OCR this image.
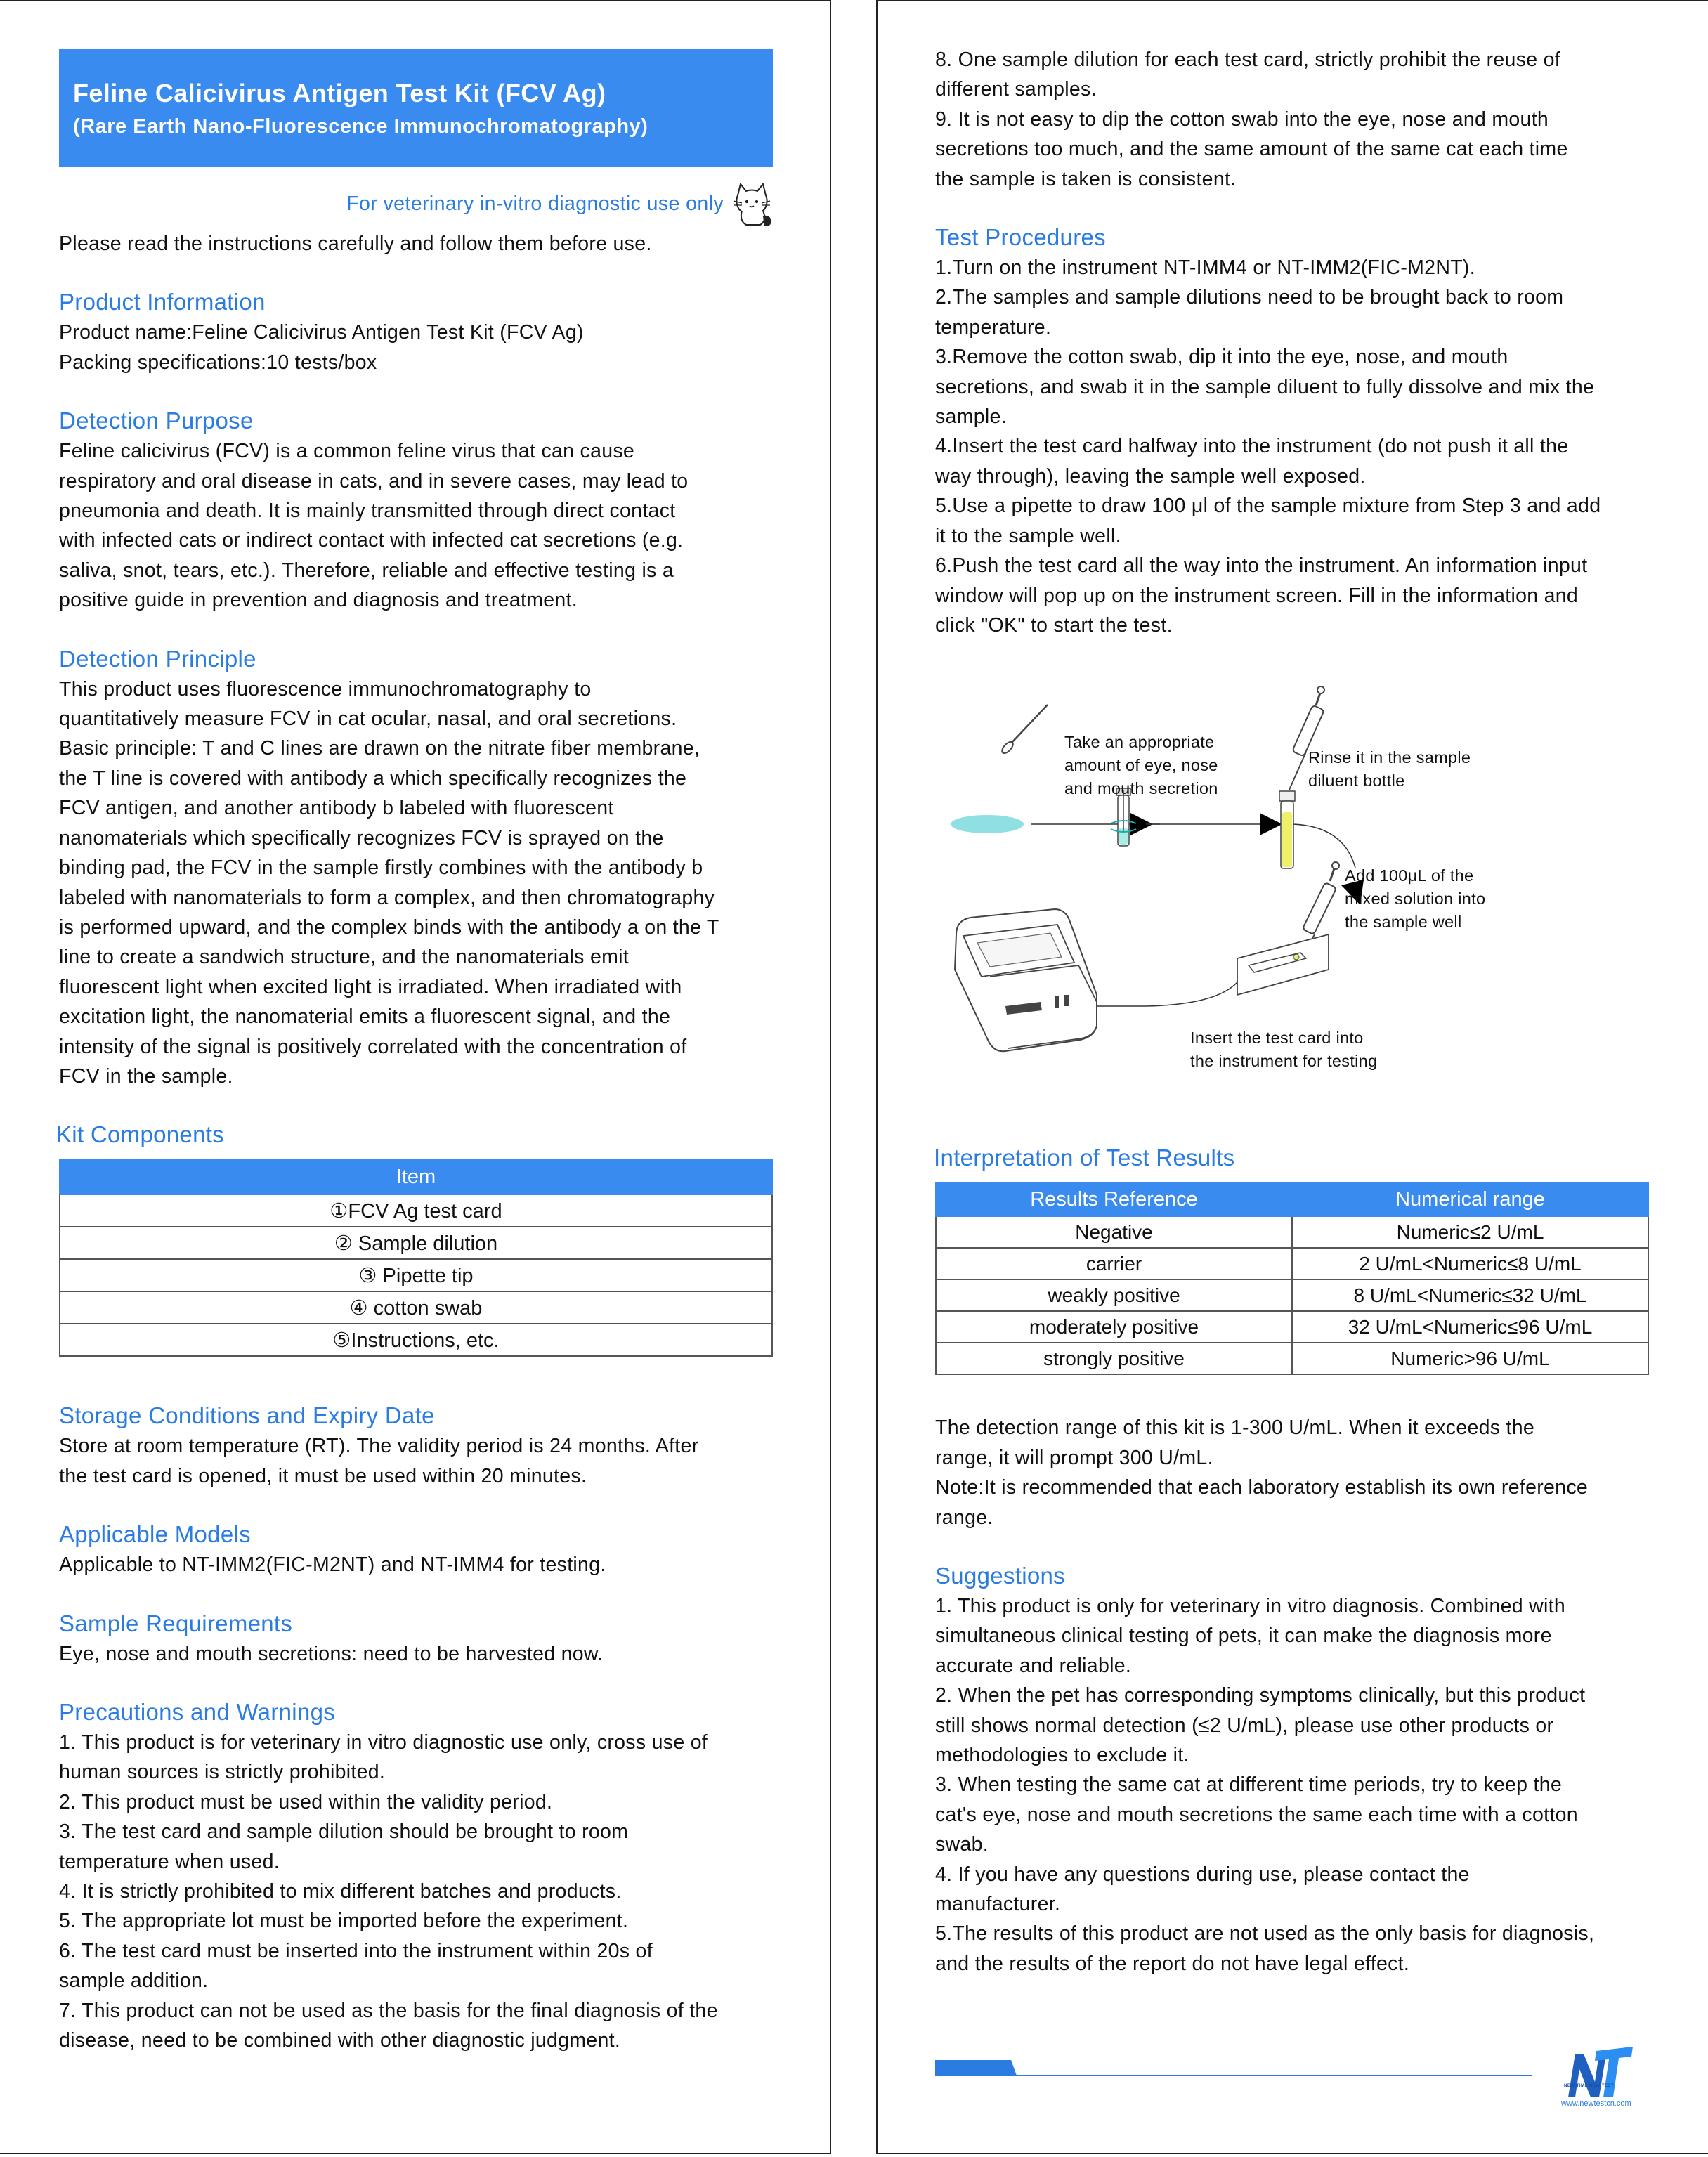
Feline Calicivirus Antigen Test Kit (FCV Ag)
(Rare Earth Nano-Fluorescence Immunochromatography)
For veterinary in-vitro diagnostic use only

Please read the instructions carefully and follow them before use.

Product Information

Product name:Feline Calicivirus Antigen Test Kit (FCV Ag)

Packing specifications:10 tests/box

Detection Purpose

Feline calicivirus (FCV) is a common feline virus that can cause

respiratory and oral disease in cats, and in severe cases, may lead to

pneumonia and death. It is mainly transmitted through direct contact

with infected cats or indirect contact with infected cat secretions (e.g.

saliva, snot, tears, etc.). Therefore, reliable and effective testing is a

positive guide in prevention and diagnosis and treatment.

Detection Principle

This product uses fluorescence immunochromatography to

quantitatively measure FCV in cat ocular, nasal, and oral secretions.

Basic principle: T and C lines are drawn on the nitrate fiber membrane,

the T line is covered with antibody a which specifically recognizes the

FCV antigen, and another antibody b labeled with fluorescent

nanomaterials which specifically recognizes FCV is sprayed on the

binding pad, the FCV in the sample firstly combines with the antibody b

labeled with nanomaterials to form a complex, and then chromatography

is performed upward, and the complex binds with the antibody a on the T

line to create a sandwich structure, and the nanomaterials emit

fluorescent light when excited light is irradiated. When irradiated with

excitation light, the nanomaterial emits a fluorescent signal, and the

intensity of the signal is positively correlated with the concentration of

FCV in the sample.

Kit Components

Item
①FCV Ag test card
② Sample dilution
③ Pipette tip
④ cotton swab
⑤Instructions, etc.

Storage Conditions and Expiry Date

Store at room temperature (RT). The validity period is 24 months. After

the test card is opened, it must be used within 20 minutes.

Applicable Models

Applicable to NT-IMM2(FIC-M2NT) and NT-IMM4 for testing.

Sample Requirements

Eye, nose and mouth secretions: need to be harvested now.

Precautions and Warnings

1. This product is for veterinary in vitro diagnostic use only, cross use of

human sources is strictly prohibited.

2. This product must be used within the validity period.

3. The test card and sample dilution should be brought to room

temperature when used.

4. It is strictly prohibited to mix different batches and products.

5. The appropriate lot must be imported before the experiment.

6. The test card must be inserted into the instrument within 20s of

sample addition.

7. This product can not be used as the basis for the final diagnosis of the

disease, need to be combined with other diagnostic judgment.

8. One sample dilution for each test card, strictly prohibit the reuse of

different samples.

9. It is not easy to dip the cotton swab into the eye, nose and mouth

secretions too much, and the same amount of the same cat each time

the sample is taken is consistent.

Test Procedures

1.Turn on the instrument NT-IMM4 or NT-IMM2(FIC-M2NT).

2.The samples and sample dilutions need to be brought back to room

temperature.

3.Remove the cotton swab, dip it into the eye, nose, and mouth

secretions, and swab it in the sample diluent to fully dissolve and mix the

sample.

4.Insert the test card halfway into the instrument (do not push it all the

way through), leaving the sample well exposed.

5.Use a pipette to draw 100 μl of the sample mixture from Step 3 and add

it to the sample well.

6.Push the test card all the way into the instrument. An information input

window will pop up on the instrument screen. Fill in the information and

click "OK" to start the test.

Interpretation of Test Results

Results Reference	Numerical range
Negative	Numeric≤2 U/mL
carrier	2 U/mL<Numeric≤8 U/mL
weakly positive	8 U/mL<Numeric≤32 U/mL
moderately positive	32 U/mL<Numeric≤96 U/mL
strongly positive	Numeric>96 U/mL

The detection range of this kit is 1-300 U/mL. When it exceeds the

range, it will prompt 300 U/mL.

Note:It is recommended that each laboratory establish its own reference

range.

Suggestions

1. This product is only for veterinary in vitro diagnosis. Combined with

simultaneous clinical testing of pets, it can make the diagnosis more

accurate and reliable.

2. When the pet has corresponding symptoms clinically, but this product

still shows normal detection (≤2 U/mL), please use other products or

methodologies to exclude it.

3. When testing the same cat at different time periods, try to keep the

cat's eye, nose and mouth secretions the same each time with a cotton

swab.

4. If you have any questions during use, please contact the

manufacturer.

5.The results of this product are not used as the only basis for diagnosis,

and the results of the report do not have legal effect.

Take an appropriate
amount of eye, nose
and mouth secretion
Rinse it in the sample
diluent bottle
Add 100μL of the
mixed solution into
the sample well
Insert the test card into
the instrument for testing
NEW TIME NEW TEST
www.newtestcn.com
